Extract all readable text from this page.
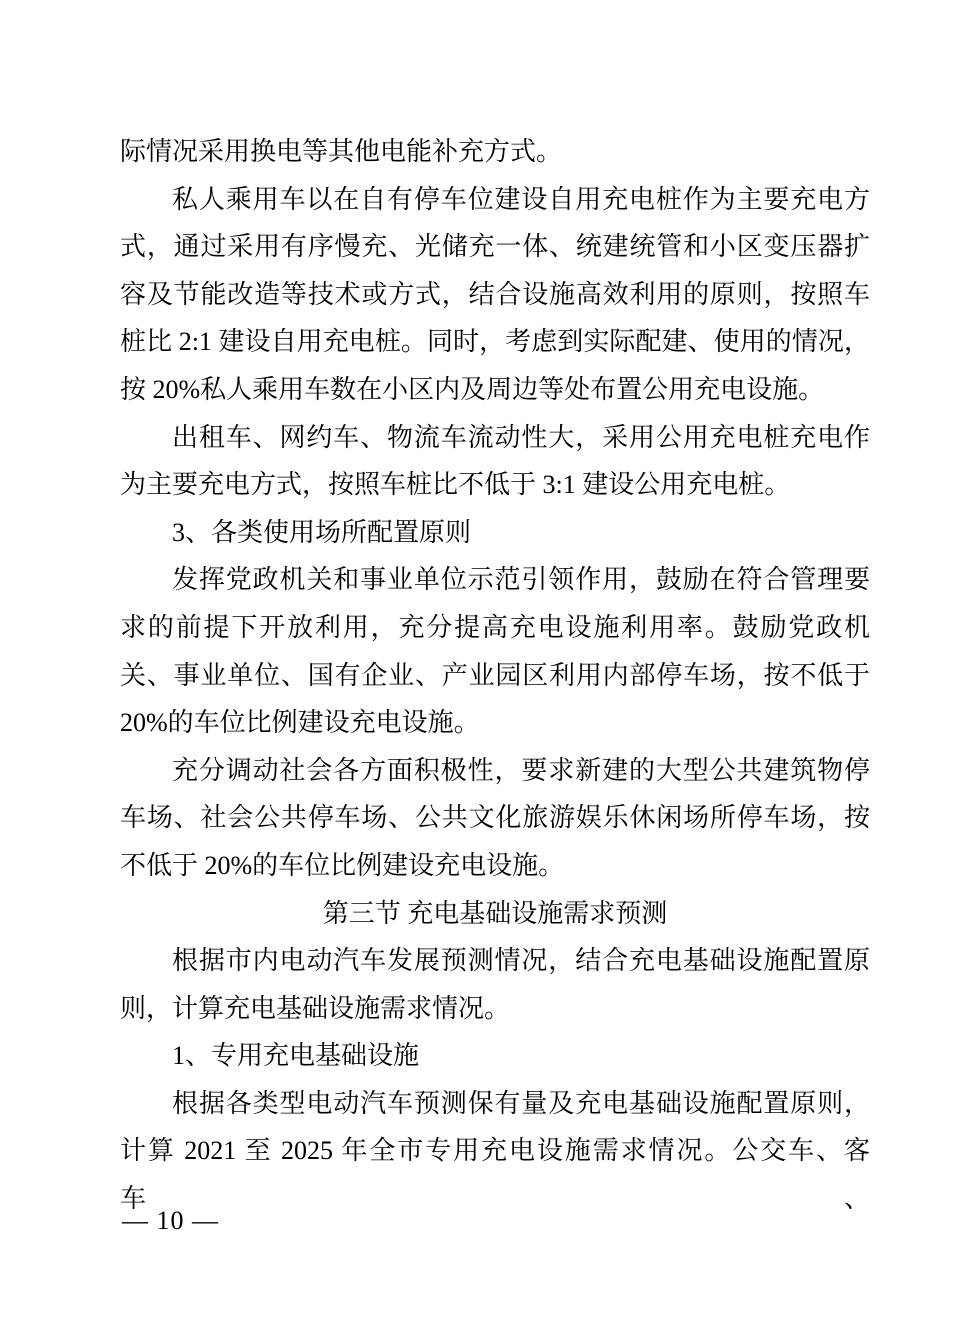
际情况采用换电等其他电能补充方式。

私人乘用车以在自有停车位建设自用充电桩作为主要充电方式，通过采用有序慢充、光储充一体、统建统管和小区变压器扩容及节能改造等技术或方式，结合设施高效利用的原则，按照车桩比 2:1 建设自用充电桩。同时，考虑到实际配建、使用的情况，按 20%私人乘用车数在小区内及周边等处布置公用充电设施。

出租车、网约车、物流车流动性大，采用公用充电桩充电作为主要充电方式，按照车桩比不低于 3:1 建设公用充电桩。

3、各类使用场所配置原则

发挥党政机关和事业单位示范引领作用，鼓励在符合管理要求的前提下开放利用，充分提高充电设施利用率。鼓励党政机关、事业单位、国有企业、产业园区利用内部停车场，按不低于 20%的车位比例建设充电设施。

充分调动社会各方面积极性，要求新建的大型公共建筑物停车场、社会公共停车场、公共文化旅游娱乐休闲场所停车场，按不低于 20%的车位比例建设充电设施。

第三节 充电基础设施需求预测

根据市内电动汽车发展预测情况，结合充电基础设施配置原则，计算充电基础设施需求情况。

1、专用充电基础设施

根据各类型电动汽车预测保有量及充电基础设施配置原则，计算 2021 至 2025 年全市专用充电设施需求情况。公交车、客车、

— 10 —
